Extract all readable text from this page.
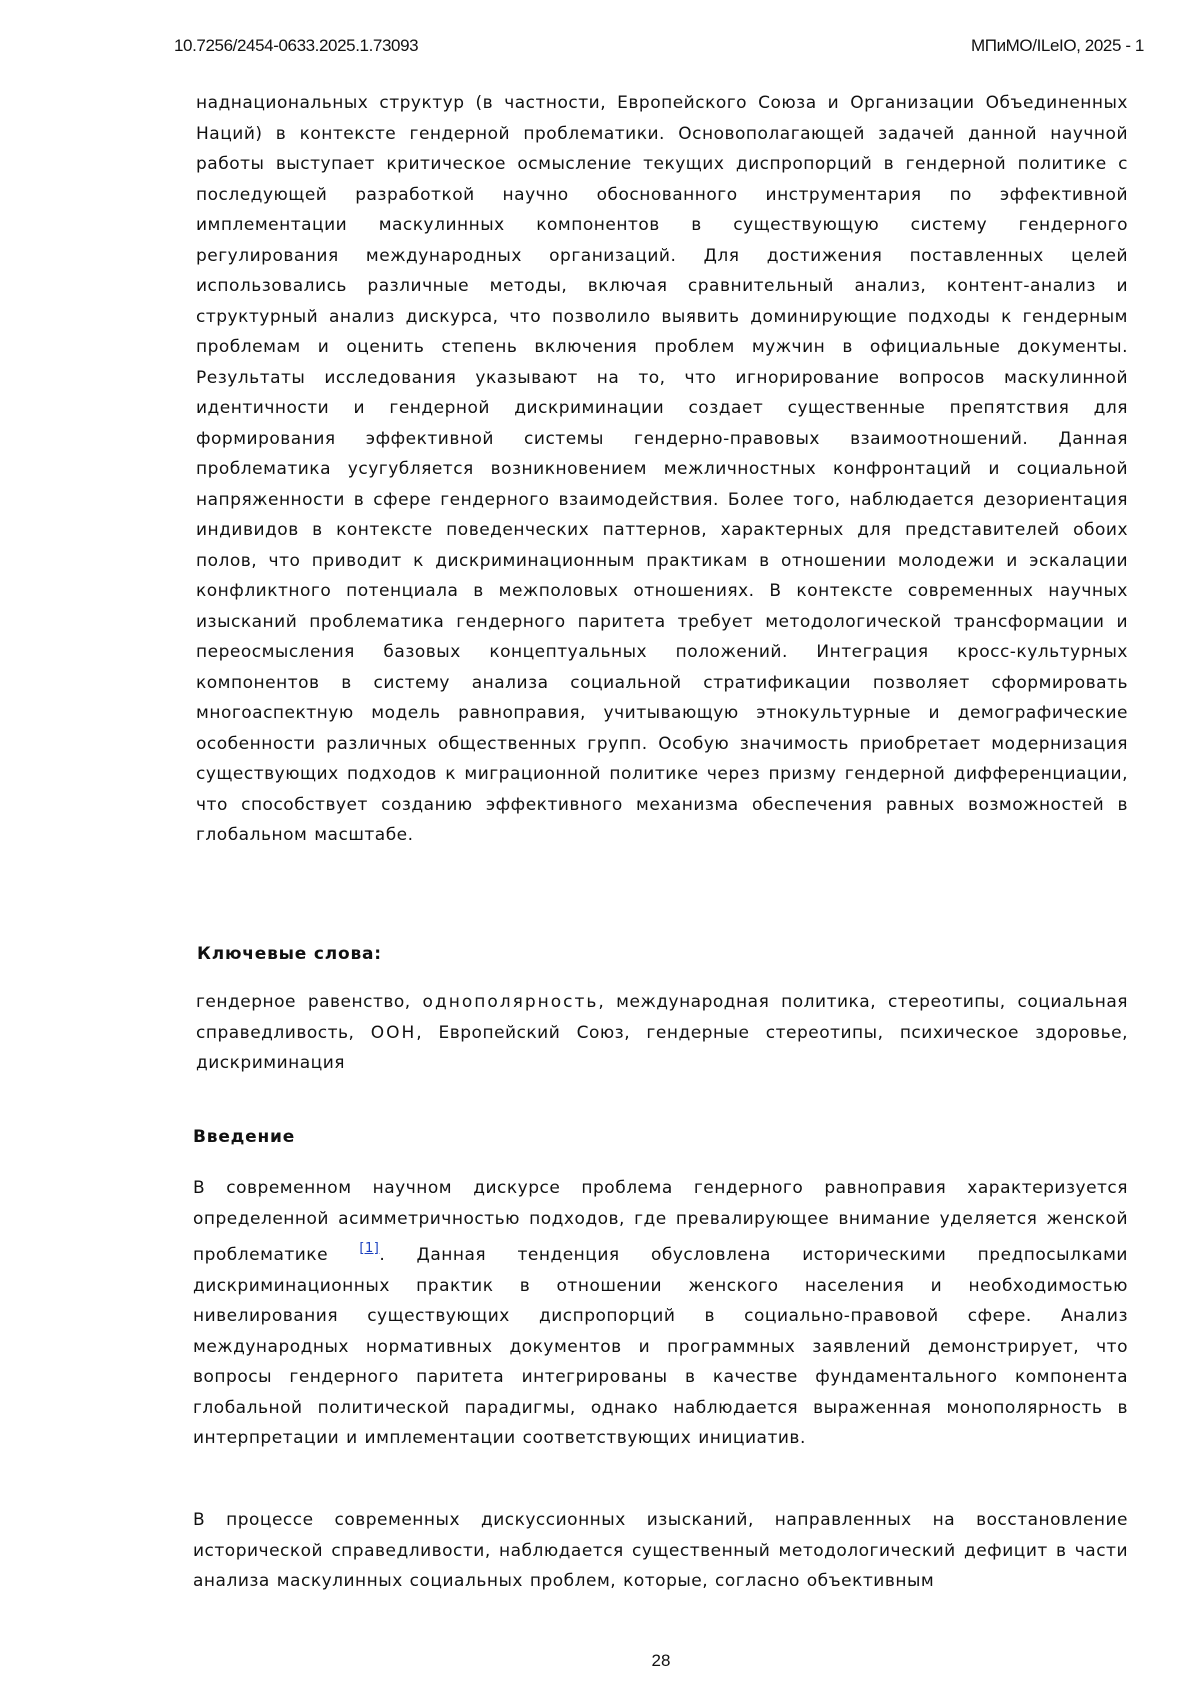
10.7256/2454-0633.2025.1.73093	МПиМО/ILeIO, 2025 - 1

наднациональных структур (в частности, Европейского Союза и Организации Объединенных Наций) в контексте гендерной проблематики. Основополагающей задачей данной научной работы выступает критическое осмысление текущих диспропорций в гендерной политике с последующей разработкой научно обоснованного инструментария по эффективной имплементации маскулинных компонентов в существующую систему гендерного регулирования международных организаций. Для достижения поставленных целей использовались различные методы, включая сравнительный анализ, контент-анализ и структурный анализ дискурса, что позволило выявить доминирующие подходы к гендерным проблемам и оценить степень включения проблем мужчин в официальные документы. Результаты исследования указывают на то, что игнорирование вопросов маскулинной идентичности и гендерной дискриминации создает существенные препятствия для формирования эффективной системы гендерно-правовых взаимоотношений. Данная проблематика усугубляется возникновением межличностных конфронтаций и социальной напряженности в сфере гендерного взаимодействия. Более того, наблюдается дезориентация индивидов в контексте поведенческих паттернов, характерных для представителей обоих полов, что приводит к дискриминационным практикам в отношении молодежи и эскалации конфликтного потенциала в межполовых отношениях. В контексте современных научных изысканий проблематика гендерного паритета требует методологической трансформации и переосмысления базовых концептуальных положений. Интеграция кросс-культурных компонентов в систему анализа социальной стратификации позволяет сформировать многоаспектную модель равноправия, учитывающую этнокультурные и демографические особенности различных общественных групп. Особую значимость приобретает модернизация существующих подходов к миграционной политике через призму гендерной дифференциации, что способствует созданию эффективного механизма обеспечения равных возможностей в глобальном масштабе.

Ключевые слова:

гендерное равенство, однополярность, международная политика, стереотипы, социальная справедливость, ООН, Европейский Союз, гендерные стереотипы, психическое здоровье, дискриминация

Введение

В современном научном дискурсе проблема гендерного равноправия характеризуется определенной асимметричностью подходов, где превалирующее внимание уделяется женской проблематике [1]. Данная тенденция обусловлена историческими предпосылками дискриминационных практик в отношении женского населения и необходимостью нивелирования существующих диспропорций в социально-правовой сфере. Анализ международных нормативных документов и программных заявлений демонстрирует, что вопросы гендерного паритета интегрированы в качестве фундаментального компонента глобальной политической парадигмы, однако наблюдается выраженная монополярность в интерпретации и имплементации соответствующих инициатив.

В процессе современных дискуссионных изысканий, направленных на восстановление исторической справедливости, наблюдается существенный методологический дефицит в части анализа маскулинных социальных проблем, которые, согласно объективным

28
